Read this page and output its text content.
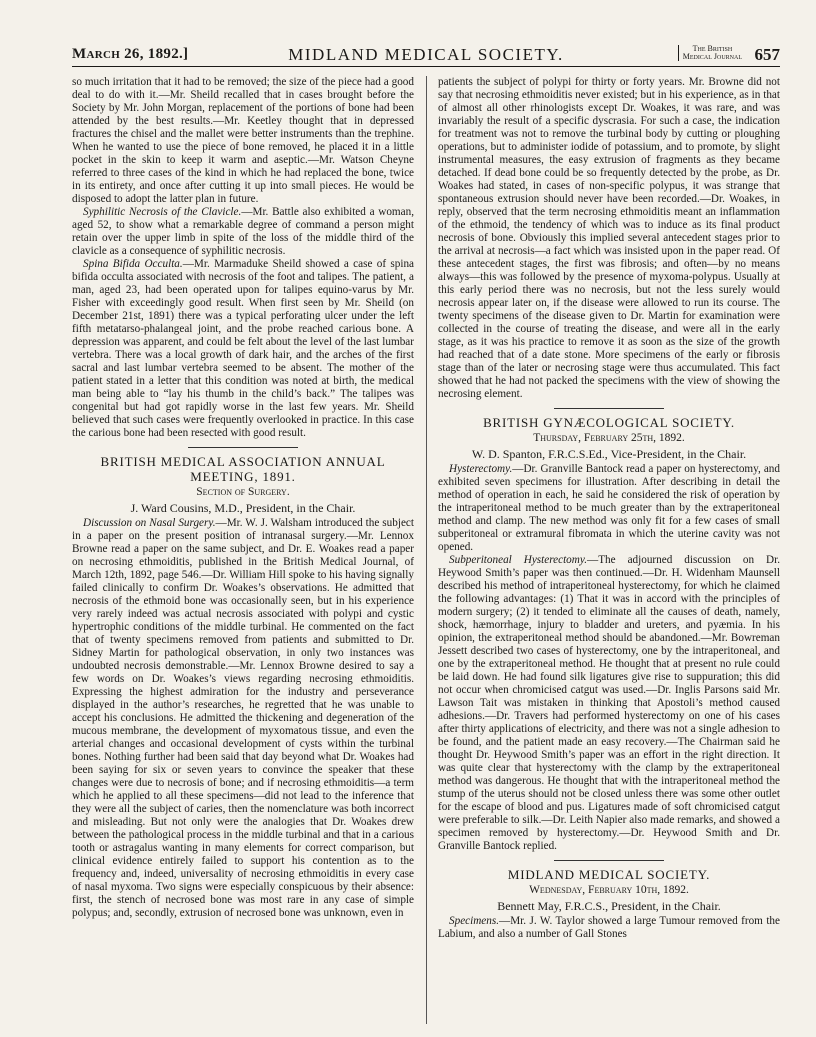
March 26, 1892.]	MIDLAND MEDICAL SOCIETY.	The British
Medical Journal 657

so much irritation that it had to be removed; the size of the piece had a good deal to do with it.—Mr. Sheild recalled that in cases brought before the Society by Mr. John Morgan, replacement of the portions of bone had been attended by the best results.—Mr. Keetley thought that in depressed fractures the chisel and the mallet were better instruments than the trephine. When he wanted to use the piece of bone removed, he placed it in a little pocket in the skin to keep it warm and aseptic.—Mr. Watson Cheyne referred to three cases of the kind in which he had replaced the bone, twice in its entirety, and once after cutting it up into small pieces. He would be disposed to adopt the latter plan in future.

Syphilitic Necrosis of the Clavicle.—Mr. Battle also exhibited a woman, aged 52, to show what a remarkable degree of command a person might retain over the upper limb in spite of the loss of the middle third of the clavicle as a consequence of syphilitic necrosis.

Spina Bifida Occulta.—Mr. Marmaduke Sheild showed a case of spina bifida occulta associated with necrosis of the foot and talipes. The patient, a man, aged 23, had been operated upon for talipes equino-varus by Mr. Fisher with exceedingly good result. When first seen by Mr. Sheild (on December 21st, 1891) there was a typical perforating ulcer under the left fifth metatarso-phalangeal joint, and the probe reached carious bone. A depression was apparent, and could be felt about the level of the last lumbar vertebra. There was a local growth of dark hair, and the arches of the first sacral and last lumbar vertebra seemed to be absent. The mother of the patient stated in a letter that this condition was noted at birth, the medical man being able to “lay his thumb in the child’s back.” The talipes was congenital but had got rapidly worse in the last few years. Mr. Sheild believed that such cases were frequently overlooked in practice. In this case the carious bone had been resected with good result.

BRITISH MEDICAL ASSOCIATION ANNUAL MEETING, 1891.
Section of Surgery.
J. Ward Cousins, M.D., President, in the Chair.

Discussion on Nasal Surgery.—Mr. W. J. Walsham introduced the subject in a paper on the present position of intranasal surgery.—Mr. Lennox Browne read a paper on the same subject, and Dr. E. Woakes read a paper on necrosing ethmoiditis, published in the British Medical Journal, of March 12th, 1892, page 546.—Dr. William Hill spoke to his having signally failed clinically to confirm Dr. Woakes’s observations. He admitted that necrosis of the ethmoid bone was occasionally seen, but in his experience very rarely indeed was actual necrosis associated with polypi and cystic hypertrophic conditions of the middle turbinal. He commented on the fact that of twenty specimens removed from patients and submitted to Dr. Sidney Martin for pathological observation, in only two instances was undoubted necrosis demonstrable.—Mr. Lennox Browne desired to say a few words on Dr. Woakes’s views regarding necrosing ethmoiditis. Expressing the highest admiration for the industry and perseverance displayed in the author’s researches, he regretted that he was unable to accept his conclusions. He admitted the thickening and degeneration of the mucous membrane, the development of myxomatous tissue, and even the arterial changes and occasional development of cysts within the turbinal bones. Nothing further had been said that day beyond what Dr. Woakes had been saying for six or seven years to convince the speaker that these changes were due to necrosis of bone; and if necrosing ethmoiditis—a term which he applied to all these specimens—did not lead to the inference that they were all the subject of caries, then the nomenclature was both incorrect and misleading. But not only were the analogies that Dr. Woakes drew between the pathological process in the middle turbinal and that in a carious tooth or astragalus wanting in many elements for correct comparison, but clinical evidence entirely failed to support his contention as to the frequency and, indeed, universality of necrosing ethmoiditis in every case of nasal myxoma. Two signs were especially conspicuous by their absence: first, the stench of necrosed bone was most rare in any case of simple polypus; and, secondly, extrusion of necrosed bone was unknown, even in

patients the subject of polypi for thirty or forty years. Mr. Browne did not say that necrosing ethmoiditis never existed; but in his experience, as in that of almost all other rhinologists except Dr. Woakes, it was rare, and was invariably the result of a specific dyscrasia. For such a case, the indication for treatment was not to remove the turbinal body by cutting or ploughing operations, but to administer iodide of potassium, and to promote, by slight instrumental measures, the easy extrusion of fragments as they became detached. If dead bone could be so frequently detected by the probe, as Dr. Woakes had stated, in cases of non-specific polypus, it was strange that spontaneous extrusion should never have been recorded.—Dr. Woakes, in reply, observed that the term necrosing ethmoiditis meant an inflammation of the ethmoid, the tendency of which was to induce as its final product necrosis of bone. Obviously this implied several antecedent stages prior to the arrival at necrosis—a fact which was insisted upon in the paper read. Of these antecedent stages, the first was fibrosis; and often—by no means always—this was followed by the presence of myxoma-polypus. Usually at this early period there was no necrosis, but not the less surely would necrosis appear later on, if the disease were allowed to run its course. The twenty specimens of the disease given to Dr. Martin for examination were collected in the course of treating the disease, and were all in the early stage, as it was his practice to remove it as soon as the size of the growth had reached that of a date stone. More specimens of the early or fibrosis stage than of the later or necrosing stage were thus accumulated. This fact showed that he had not packed the specimens with the view of showing the necrosing element.

BRITISH GYNÆCOLOGICAL SOCIETY.
Thursday, February 25th, 1892.
W. D. Spanton, F.R.C.S.Ed., Vice-President, in the Chair.

Hysterectomy.—Dr. Granville Bantock read a paper on hysterectomy, and exhibited seven specimens for illustration. After describing in detail the method of operation in each, he said he considered the risk of operation by the intraperitoneal method to be much greater than by the extraperitoneal method and clamp. The new method was only fit for a few cases of small subperitoneal or extramural fibromata in which the uterine cavity was not opened.

Subperitoneal Hysterectomy.—The adjourned discussion on Dr. Heywood Smith’s paper was then continued.—Dr. H. Widenham Maunsell described his method of intraperitoneal hysterectomy, for which he claimed the following advantages: (1) That it was in accord with the principles of modern surgery; (2) it tended to eliminate all the causes of death, namely, shock, hæmorrhage, injury to bladder and ureters, and pyæmia. In his opinion, the extraperitoneal method should be abandoned.—Mr. Bowreman Jessett described two cases of hysterectomy, one by the intraperitoneal, and one by the extraperitoneal method. He thought that at present no rule could be laid down. He had found silk ligatures give rise to suppuration; this did not occur when chromicised catgut was used.—Dr. Inglis Parsons said Mr. Lawson Tait was mistaken in thinking that Apostoli’s method caused adhesions.—Dr. Travers had performed hysterectomy on one of his cases after thirty applications of electricity, and there was not a single adhesion to be found, and the patient made an easy recovery.—The Chairman said he thought Dr. Heywood Smith’s paper was an effort in the right direction. It was quite clear that hysterectomy with the clamp by the extraperitoneal method was dangerous. He thought that with the intraperitoneal method the stump of the uterus should not be closed unless there was some other outlet for the escape of blood and pus. Ligatures made of soft chromicised catgut were preferable to silk.—Dr. Leith Napier also made remarks, and showed a specimen removed by hysterectomy.—Dr. Heywood Smith and Dr. Granville Bantock replied.

MIDLAND MEDICAL SOCIETY.
Wednesday, February 10th, 1892.
Bennett May, F.R.C.S., President, in the Chair.

Specimens.—Mr. J. W. Taylor showed a large Tumour removed from the Labium, and also a number of Gall Stones
